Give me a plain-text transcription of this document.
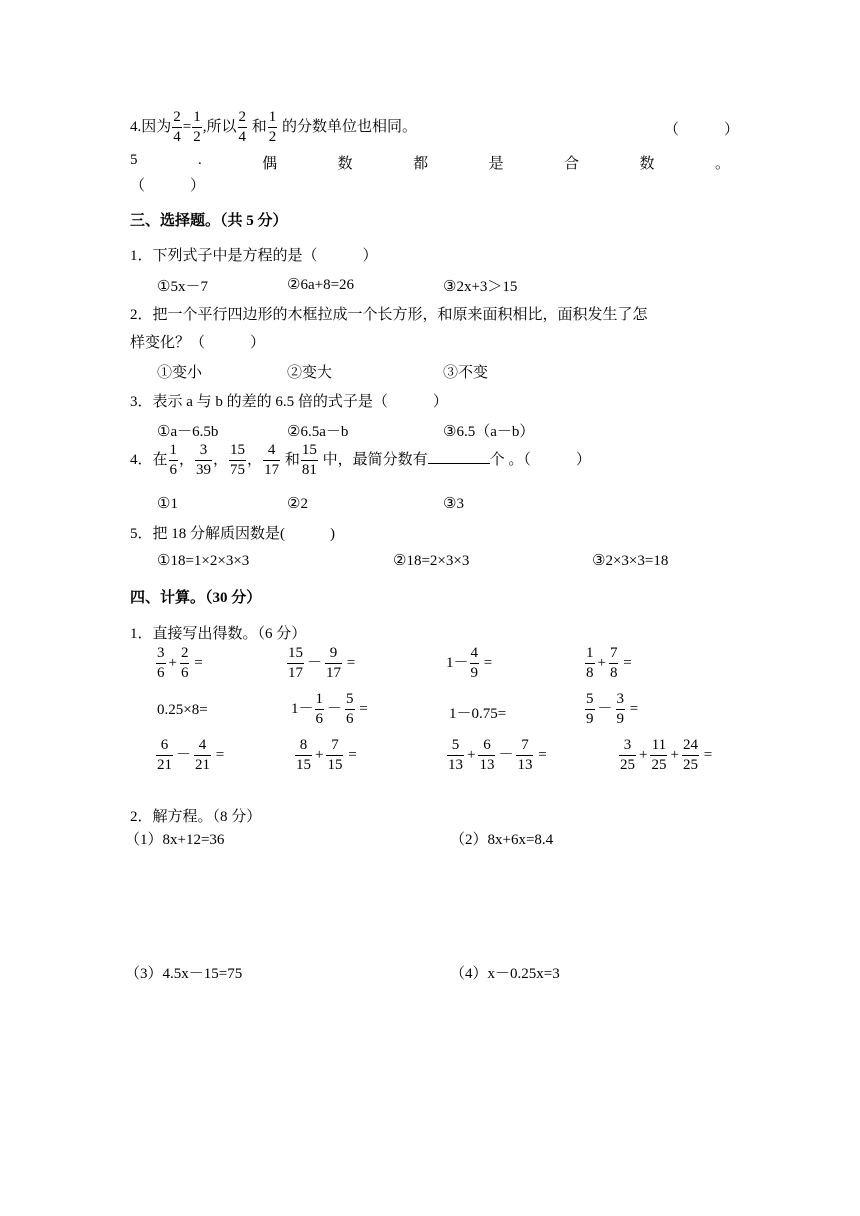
4.因为 $\frac{2}{4} = \frac{1}{2}$ ,所以 $\frac{2}{4}$ 和 $\frac{1}{2}$ 的分数单位也相同。	（　　　）
5	.	偶	数	都	是	合	数	。
（　　　）
三、选择题。（共 5 分）
1．下列式子中是方程的是（　　　）
①5x－7	②6a+8=26	③2x+3＞15
2．把一个平行四边形的木框拉成一个长方形，和原来面积相比，面积发生了怎
样变化？（　　　）
①变小	②变大	③不变
3．表示 a 与 b 的差的 6.5 倍的式子是（　　　）
①a－6.5b	②6.5a－b	③6.5（a－b）
4．在 $\frac{1}{6}$ ， $\frac{3}{39}$ ， $\frac{15}{75}$ ， $\frac{4}{17}$ 和 $\frac{15}{81}$ 中，最简分数有	个 。（　　　）
①1	②2	③3
5．把 18 分解质因数是(　　　)
①18=1×2×3×3	②18=2×3×3	③2×3×3=18
四、计算。（30 分）
1．直接写出得数。（6 分）
$\frac{3}{6} + \frac{2}{6}$ =	$\frac{15}{17} - \frac{9}{17}$ =	$1- \frac{4}{9}$ =	$\frac{1}{8} + \frac{7}{8}$ =
0.25×8=	$1- \frac{1}{6} - \frac{5}{6}$ =	1－0.75=	$\frac{5}{9} - \frac{3}{9}$ =
$\frac{6}{21} - \frac{4}{21}$ =	$\frac{8}{15} + \frac{7}{15}$ =	$\frac{5}{13} + \frac{6}{13} - \frac{7}{13}$ =	$\frac{3}{25} + \frac{11}{25} + \frac{24}{25}$ =
2．解方程。（8 分）
（1）8x+12=36	（2）8x+6x=8.4
（3）4.5x－15=75	（4）x－0.25x=3
